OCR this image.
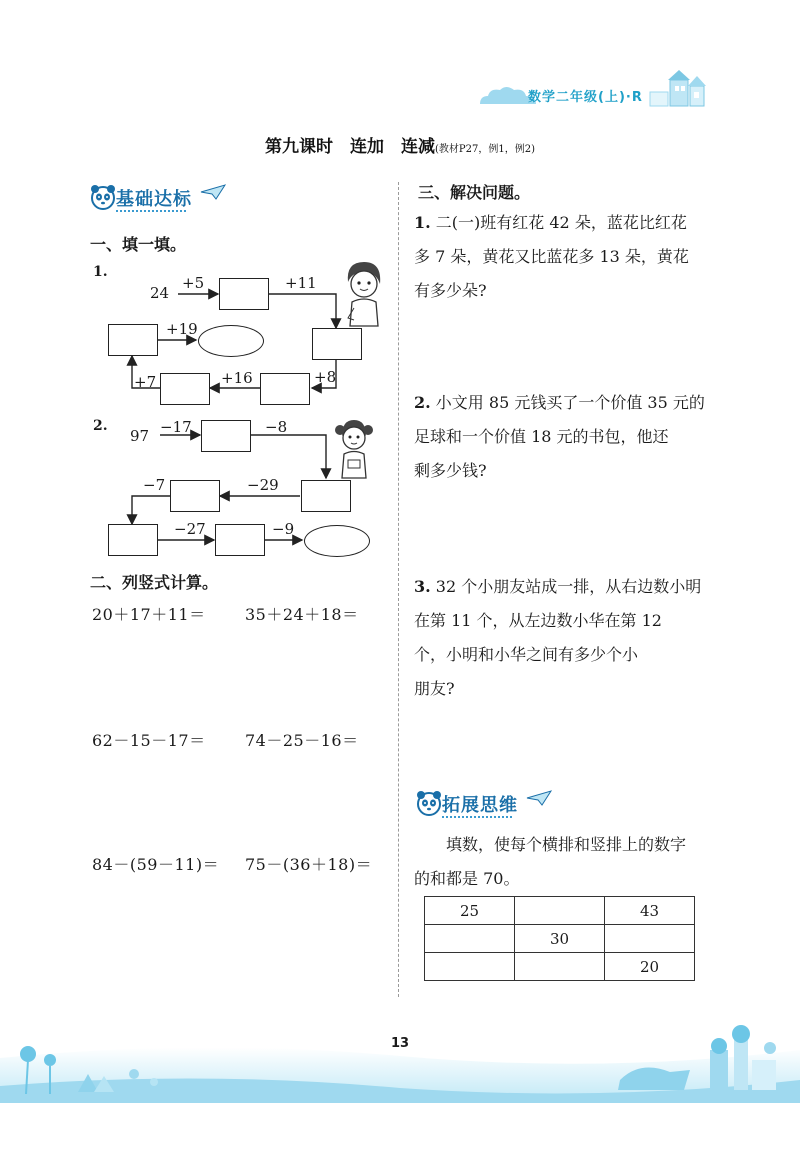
数学二年级(上)·R
第九课时　连加　连减(教材P27，例1，例2)
基础达标
一、填一填。
1.
24
+5	+11
+8
+16
+7
+19
2.
97 −17	−8
−29
−7
−27	−9
二、列竖式计算。
20＋17＋11＝ 35＋24＋18＝
62－15－17＝ 74－25－16＝
84－(59－11)＝ 75－(36＋18)＝
三、解决问题。
1. 二(一)班有红花 42 朵，蓝花比红花
多 7 朵，黄花又比蓝花多 13 朵，黄花
有多少朵?
2. 小文用 85 元钱买了一个价值 35 元的
足球和一个价值 18 元的书包，他还
剩多少钱?
3. 32 个小朋友站成一排，从右边数小明
在第 11 个，从左边数小华在第 12
个，小明和小华之间有多少个小
朋友?
拓展思维
填数，使每个横排和竖排上的数字
的和都是 70。
25		43
	30	
		20
13
